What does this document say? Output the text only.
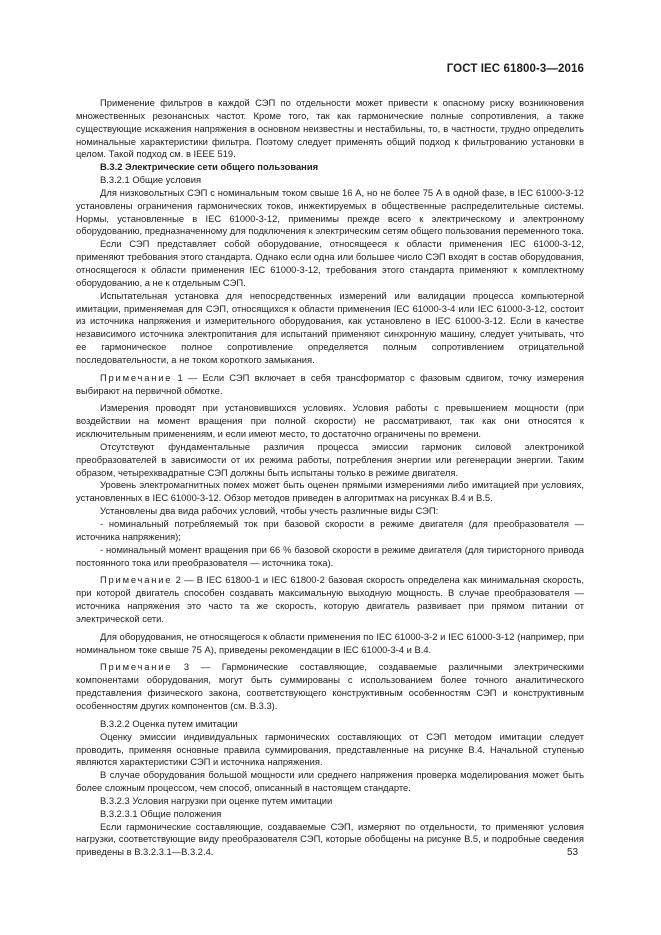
ГОСТ IEC 61800-3—2016

Применение фильтров в каждой СЭП по отдельности может привести к опасному риску возникновения множественных резонансных частот. Кроме того, так как гармонические полные сопротивления, а также существующие искажения напряжения в основном неизвестны и нестабильны, то, в частности, трудно определить номинальные характеристики фильтра. Поэтому следует применять общий подход к фильтрованию установки в целом. Такой подход см. в IEEE 519.

В.3.2 Электрические сети общего пользования

В.3.2.1 Общие условия

Для низковольтных СЭП с номинальным током свыше 16 А, но не более 75 А в одной фазе, в IEC 61000-3-12 установлены ограничения гармонических токов, инжектируемых в общественные распределительные системы. Нормы, установленные в IEC 61000-3-12, применимы прежде всего к электрическому и электронному оборудованию, предназначенному для подключения к электрическим сетям общего пользования переменного тока.

Если СЭП представляет собой оборудование, относящееся к области применения IEC 61000-3-12, применяют требования этого стандарта. Однако если одна или большее число СЭП входят в состав оборудования, относящегося к области применения IEC 61000-3-12, требования этого стандарта применяют к комплектному оборудованию, а не к отдельным СЭП.

Испытательная установка для непосредственных измерений или валидации процесса компьютерной имитации, применяемая для СЭП, относящихся к области применения IEC 61000-3-4 или IEC 61000-3-12, состоит из источника напряжения и измерительного оборудования, как установлено в IEC 61000-3-12. Если в качестве независимого источника электропитания для испытаний применяют синхронную машину, следует учитывать, что ее гармоническое полное сопротивление определяется полным сопротивлением отрицательной последовательности, а не током короткого замыкания.

Примечание 1 — Если СЭП включает в себя трансформатор с фазовым сдвигом, точку измерения выбирают на первичной обмотке.

Измерения проводят при установившихся условиях. Условия работы с превышением мощности (при воздействии на момент вращения при полной скорости) не рассматривают, так как они относятся к исключительным применениям, и если имеют место, то достаточно ограничены по времени.

Отсутствуют фундаментальные различия процесса эмиссии гармоник силовой электроникой преобразователей в зависимости от их режима работы, потребления энергии или регенерации энергии. Таким образом, четырехквадратные СЭП должны быть испытаны только в режиме двигателя.

Уровень электромагнитных помех может быть оценен прямыми измерениями либо имитацией при условиях, установленных в IEC 61000-3-12. Обзор методов приведен в алгоритмах на рисунках В.4 и В.5.

Установлены два вида рабочих условий, чтобы учесть различные виды СЭП:

- номинальный потребляемый ток при базовой скорости в режиме двигателя (для преобразователя — источника напряжения);

- номинальный момент вращения при 66 % базовой скорости в режиме двигателя (для тиристорного привода постоянного тока или преобразователя — источника тока).

Примечание 2 — В IEC 61800-1 и IEC 61800-2 базовая скорость определена как минимальная скорость, при которой двигатель способен создавать максимальную выходную мощность. В случае преобразователя — источника напряжения это часто та же скорость, которую двигатель развивает при прямом питании от электрической сети.

Для оборудования, не относящегося к области применения по IEC 61000-3-2 и IEC 61000-3-12 (например, при номинальном токе свыше 75 А), приведены рекомендации в IEC 61000-3-4 и В.4.

Примечание 3 — Гармонические составляющие, создаваемые различными электрическими компонентами оборудования, могут быть суммированы с использованием более точного аналитического представления физического закона, соответствующего конструктивным особенностям СЭП и конструктивным особенностям других компонентов (см. В.3.3).

В.3.2.2 Оценка путем имитации

Оценку эмиссии индивидуальных гармонических составляющих от СЭП методом имитации следует проводить, применяя основные правила суммирования, представленные на рисунке В.4. Начальной ступенью являются характеристики СЭП и источника напряжения.

В случае оборудования большой мощности или среднего напряжения проверка моделирования может быть более сложным процессом, чем способ, описанный в настоящем стандарте.

В.3.2.3 Условия нагрузки при оценке путем имитации

В.3.2.3.1 Общие положения

Если гармонические составляющие, создаваемые СЭП, измеряют по отдельности, то применяют условия нагрузки, соответствующие виду преобразователя СЭП, которые обобщены на рисунке В.5, и подробные сведения приведены в В.3.2.3.1—В.3.2.4.	53
